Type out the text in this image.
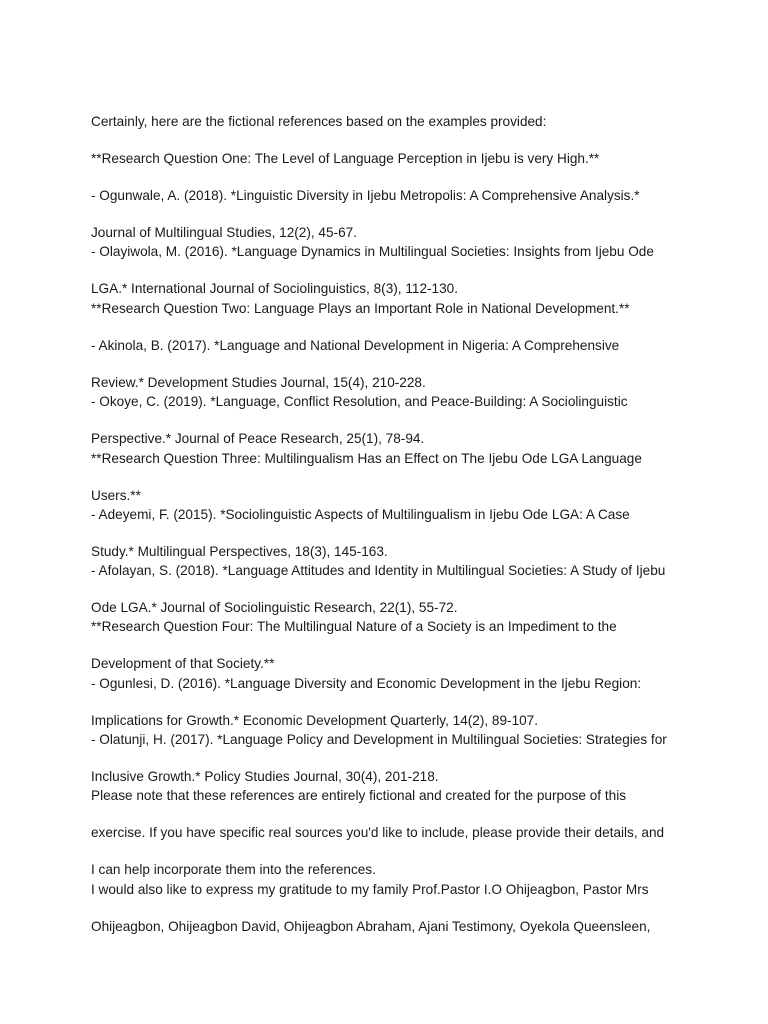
Certainly, here are the fictional references based on the examples provided:

**Research Question One: The Level of Language Perception in Ijebu is very High.**

- Ogunwale, A. (2018). *Linguistic Diversity in Ijebu Metropolis: A Comprehensive Analysis.*

Journal of Multilingual Studies, 12(2), 45-67.

- Olayiwola, M. (2016). *Language Dynamics in Multilingual Societies: Insights from Ijebu Ode

LGA.* International Journal of Sociolinguistics, 8(3), 112-130.

**Research Question Two: Language Plays an Important Role in National Development.**

- Akinola, B. (2017). *Language and National Development in Nigeria: A Comprehensive

Review.* Development Studies Journal, 15(4), 210-228.

- Okoye, C. (2019). *Language, Conflict Resolution, and Peace-Building: A Sociolinguistic

Perspective.* Journal of Peace Research, 25(1), 78-94.

**Research Question Three: Multilingualism Has an Effect on The Ijebu Ode LGA Language

Users.**

- Adeyemi, F. (2015). *Sociolinguistic Aspects of Multilingualism in Ijebu Ode LGA: A Case

Study.* Multilingual Perspectives, 18(3), 145-163.

- Afolayan, S. (2018). *Language Attitudes and Identity in Multilingual Societies: A Study of Ijebu

Ode LGA.* Journal of Sociolinguistic Research, 22(1), 55-72.

**Research Question Four: The Multilingual Nature of a Society is an Impediment to the

Development of that Society.**

- Ogunlesi, D. (2016). *Language Diversity and Economic Development in the Ijebu Region:

Implications for Growth.* Economic Development Quarterly, 14(2), 89-107.

- Olatunji, H. (2017). *Language Policy and Development in Multilingual Societies: Strategies for

Inclusive Growth.* Policy Studies Journal, 30(4), 201-218.

Please note that these references are entirely fictional and created for the purpose of this

exercise. If you have specific real sources you'd like to include, please provide their details, and

I can help incorporate them into the references.

I would also like to express my gratitude to my family Prof.Pastor I.O Ohijeagbon, Pastor Mrs

Ohijeagbon, Ohijeagbon David, Ohijeagbon Abraham, Ajani Testimony, Oyekola Queensleen,
